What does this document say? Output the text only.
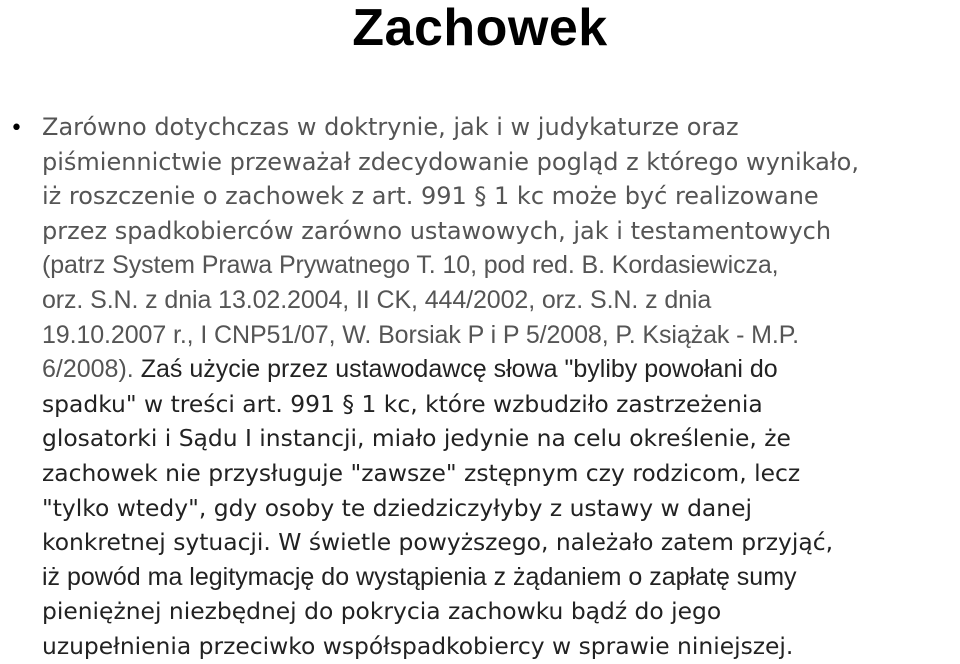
Zachowek
• Zarówno dotychczas w doktrynie, jak i w judykaturze oraz
piśmiennictwie przeważał zdecydowanie pogląd z którego wynikało,
iż roszczenie o zachowek z art. 991 § 1 kc może być realizowane
przez spadkobierców zarówno ustawowych, jak i testamentowych
(patrz System Prawa Prywatnego T. 10, pod red. B. Kordasiewicza,
orz. S.N. z dnia 13.02.2004, II CK, 444/2002, orz. S.N. z dnia
19.10.2007 r., I CNP51/07, W. Borsiak P i P 5/2008, P. Książak - M.P.
6/2008). Zaś użycie przez ustawodawcę słowa "byliby powołani do
spadku" w treści art. 991 § 1 kc, które wzbudziło zastrzeżenia
glosatorki i Sądu I instancji, miało jedynie na celu określenie, że
zachowek nie przysługuje "zawsze" zstępnym czy rodzicom, lecz
"tylko wtedy", gdy osoby te dziedziczyłyby z ustawy w danej
konkretnej sytuacji. W świetle powyższego, należało zatem przyjąć,
iż powód ma legitymację do wystąpienia z żądaniem o zapłatę sumy
pieniężnej niezbędnej do pokrycia zachowku bądź do jego
uzupełnienia przeciwko współspadkobiercy w sprawie niniejszej.
